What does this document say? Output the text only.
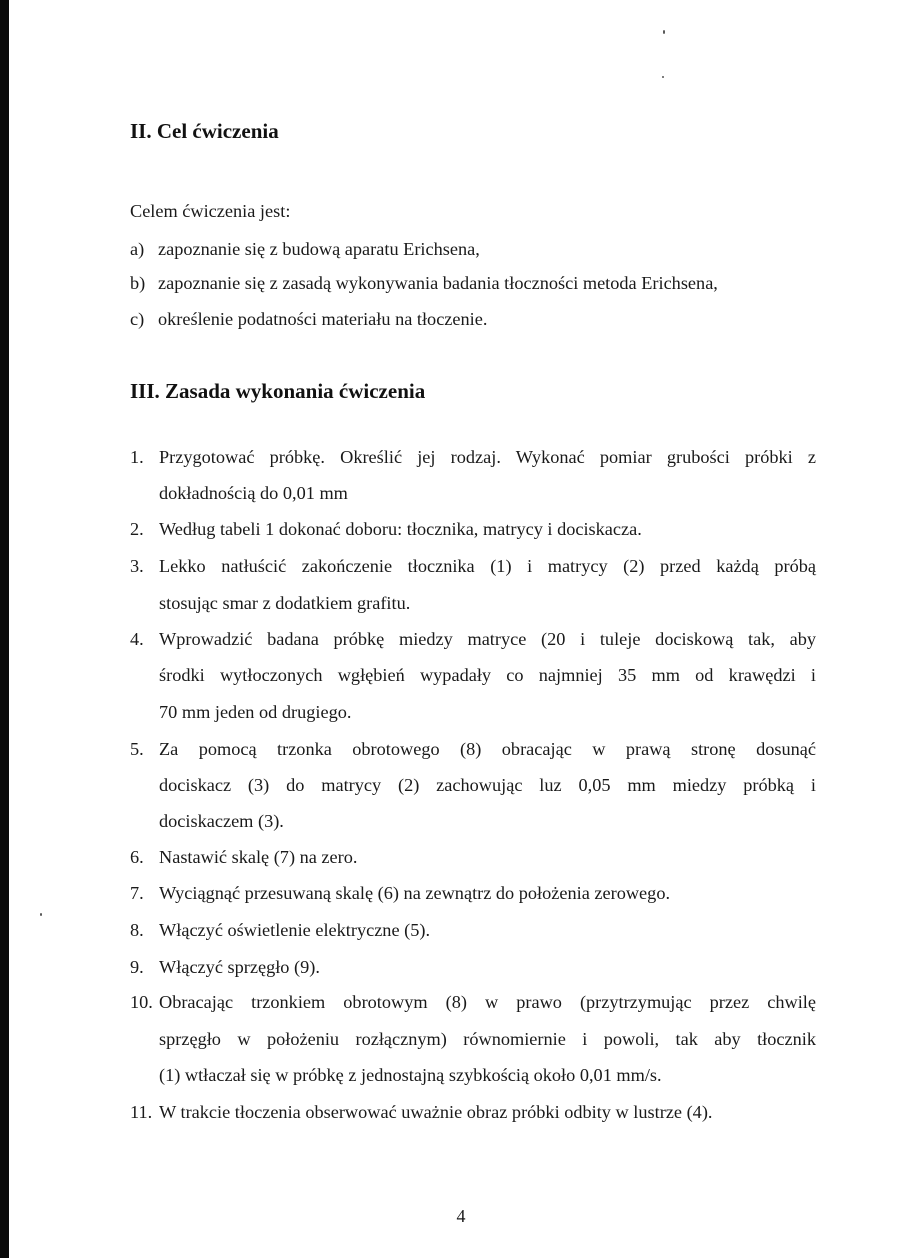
II. Cel ćwiczenia

Celem ćwiczenia jest:

a) zapoznanie się z budową aparatu Erichsena,
b) zapoznanie się z zasadą wykonywania badania tłoczności metoda Erichsena,
c) określenie podatności materiału na tłoczenie.
III. Zasada wykonania ćwiczenia
1. Przygotować próbkę. Określić jej rodzaj. Wykonać pomiar grubości próbki z
dokładnością do 0,01 mm
2. Według tabeli 1 dokonać doboru: tłocznika, matrycy i dociskacza.
3. Lekko natłuścić zakończenie tłocznika (1) i matrycy (2) przed każdą próbą
stosując smar z dodatkiem grafitu.
4. Wprowadzić badana próbkę miedzy matryce (20 i tuleje dociskową tak, aby
środki wytłoczonych wgłębień wypadały co najmniej 35 mm od krawędzi i
70 mm jeden od drugiego.
5. Za pomocą trzonka obrotowego (8) obracając w prawą stronę dosunąć
dociskacz (3) do matrycy (2) zachowując luz 0,05 mm miedzy próbką i
dociskaczem (3).
6. Nastawić skalę (7) na zero.
7. Wyciągnąć przesuwaną skalę (6) na zewnątrz do położenia zerowego.
8. Włączyć oświetlenie elektryczne (5).
9. Włączyć sprzęgło (9).
10. Obracając trzonkiem obrotowym (8) w prawo (przytrzymując przez chwilę
sprzęgło w położeniu rozłącznym) równomiernie i powoli, tak aby tłocznik
(1) wtłaczał się w próbkę z jednostajną szybkością około 0,01 mm/s.
11. W trakcie tłoczenia obserwować uważnie obraz próbki odbity w lustrze (4).
4
